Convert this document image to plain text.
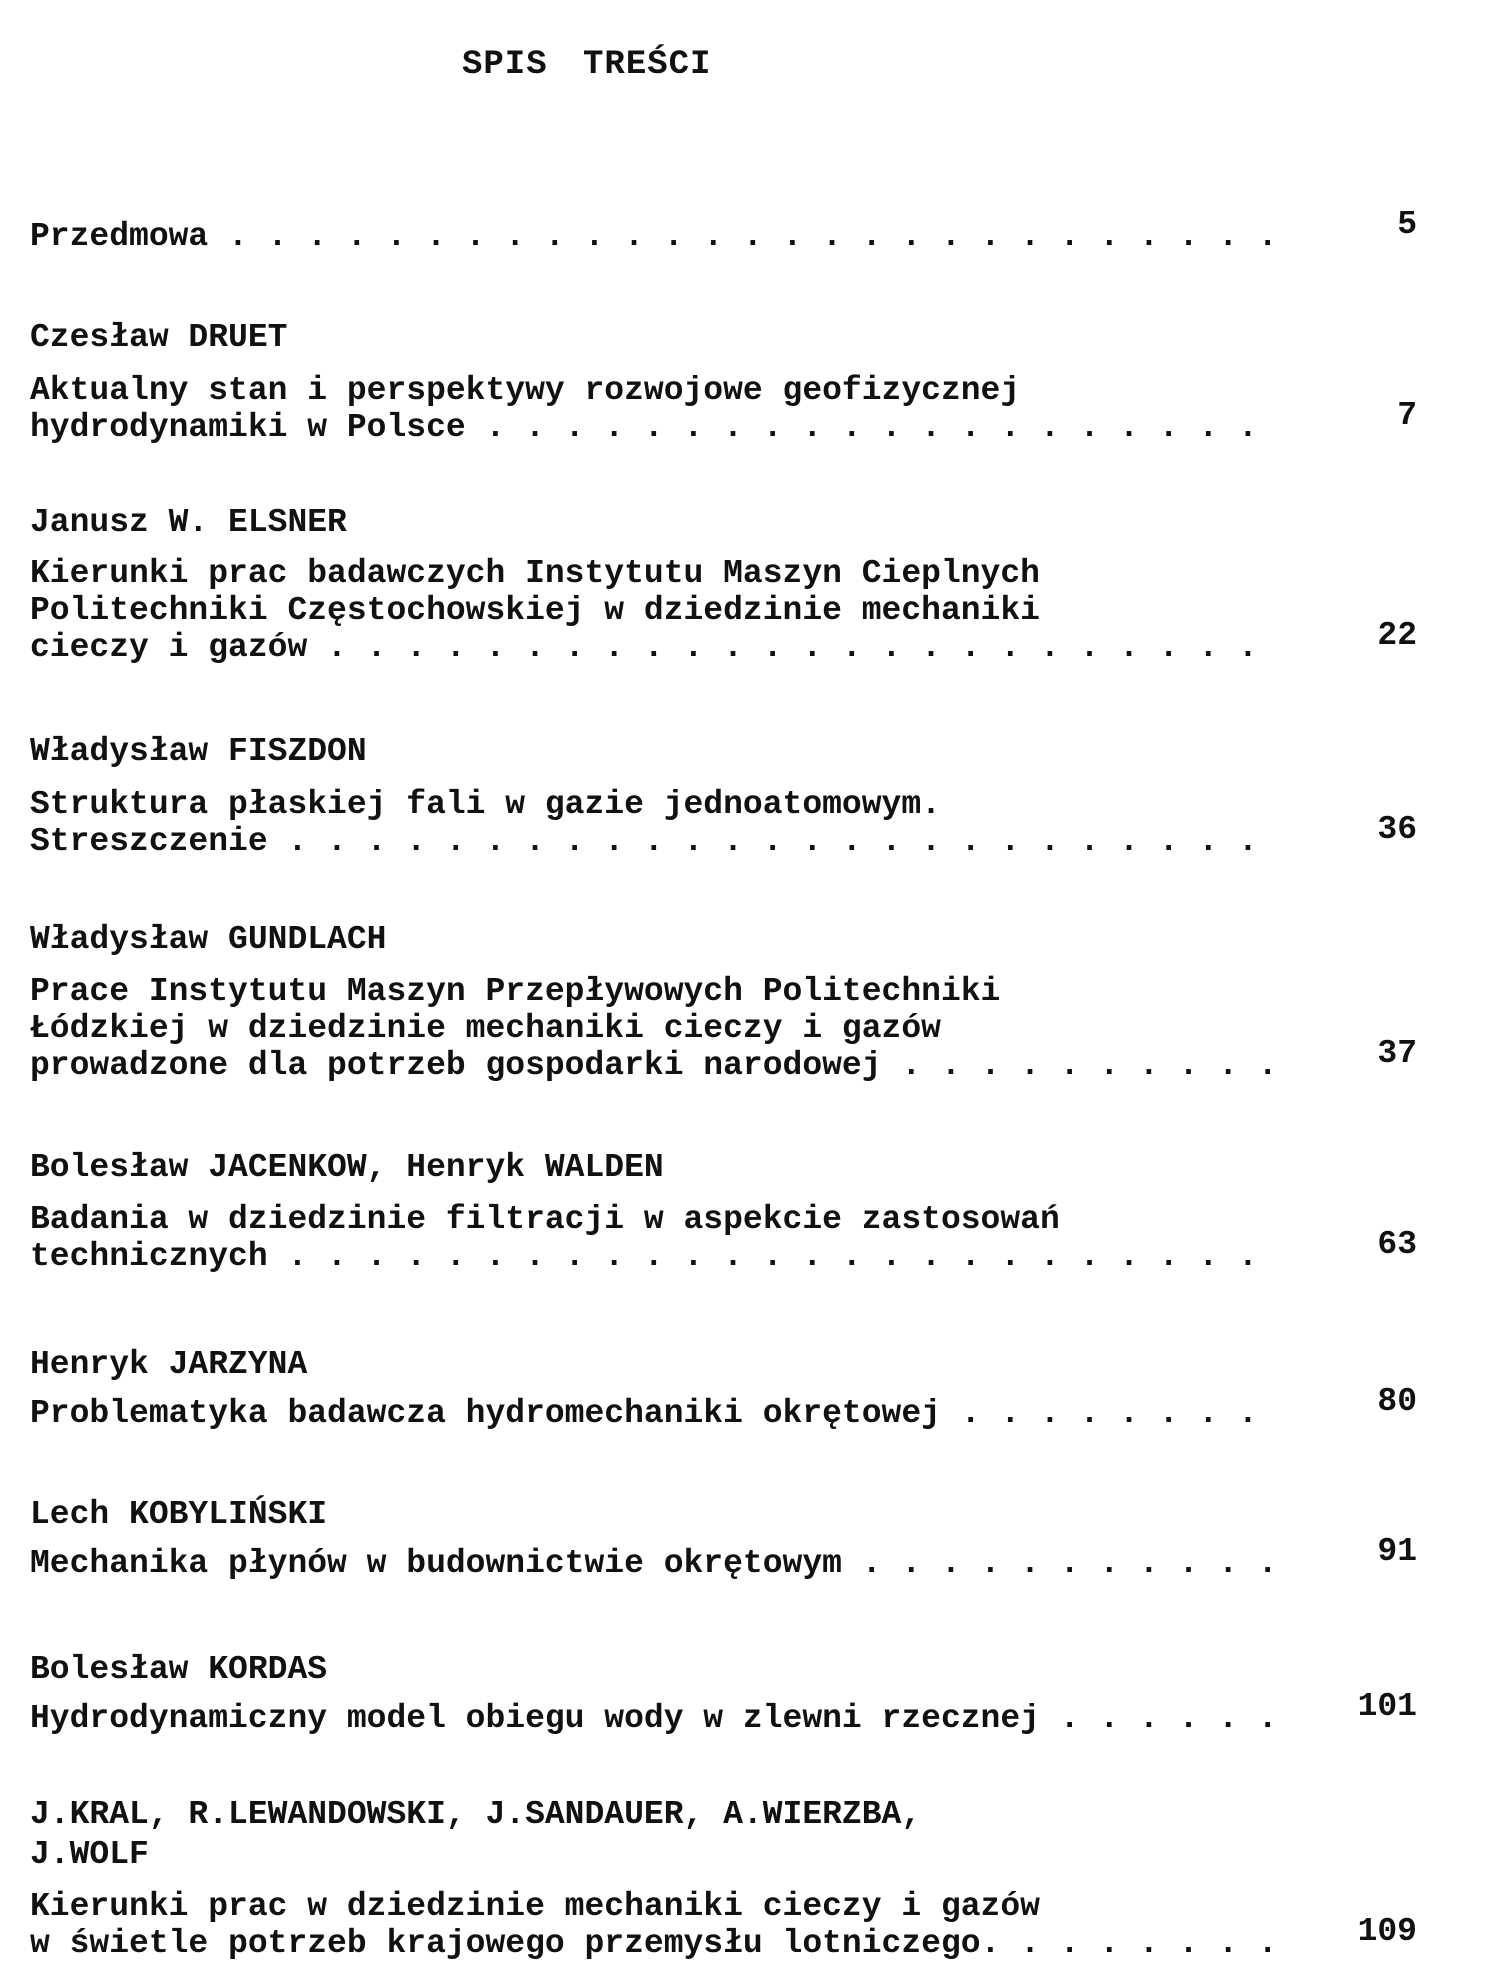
SPIS TREŚCI
Przedmowa . . . . . . . . . . . . . . . . . . . . . . . . . . .	5
Czesław DRUET
Aktualny stan i perspektywy rozwojowe geofizycznej
hydrodynamiki w Polsce . . . . . . . . . . . . . . . . . . . .	7
Janusz W. ELSNER
Kierunki prac badawczych Instytutu Maszyn Cieplnych
Politechniki Częstochowskiej w dziedzinie mechaniki
cieczy i gazów . . . . . . . . . . . . . . . . . . . . . . . .	22
Władysław FISZDON
Struktura płaskiej fali w gazie jednoatomowym.
Streszczenie . . . . . . . . . . . . . . . . . . . . . . . . .	36
Władysław GUNDLACH
Prace Instytutu Maszyn Przepływowych Politechniki
Łódzkiej w dziedzinie mechaniki cieczy i gazów
prowadzone dla potrzeb gospodarki narodowej . . . . . . . . . .	37
Bolesław JACENKOW, Henryk WALDEN
Badania w dziedzinie filtracji w aspekcie zastosowań
technicznych . . . . . . . . . . . . . . . . . . . . . . . . .	63
Henryk JARZYNA
Problematyka badawcza hydromechaniki okrętowej . . . . . . . .	80
Lech KOBYLIŃSKI
Mechanika płynów w budownictwie okrętowym . . . . . . . . . . .	91
Bolesław KORDAS
Hydrodynamiczny model obiegu wody w zlewni rzecznej . . . . . .	101
J.KRAL, R.LEWANDOWSKI, J.SANDAUER, A.WIERZBA,
J.WOLF
Kierunki prac w dziedzinie mechaniki cieczy i gazów
w świetle potrzeb krajowego przemysłu lotniczego. . . . . . . .	109
